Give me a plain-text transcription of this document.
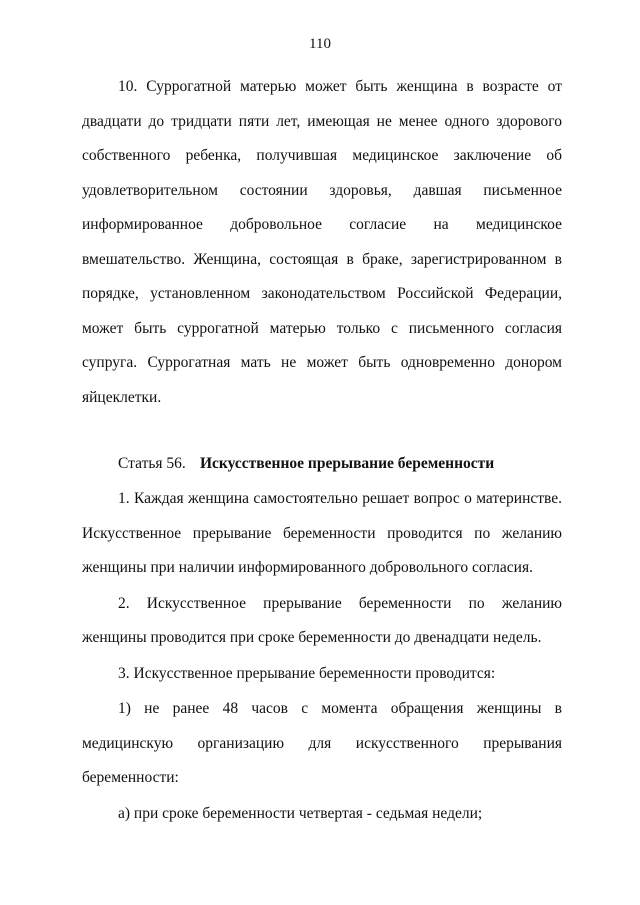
110

10. Суррогатной матерью может быть женщина в возрасте от двадцати до тридцати пяти лет, имеющая не менее одного здорового собственного ребенка, получившая медицинское заключение об удовлетворительном состоянии здоровья, давшая письменное информированное добровольное согласие на медицинское вмешательство. Женщина, состоящая в браке, зарегистрированном в порядке, установленном законодательством Российской Федерации, может быть суррогатной матерью только с письменного согласия супруга. Суррогатная мать не может быть одновременно донором яйцеклетки.

Статья 56. Искусственное прерывание беременности

1. Каждая женщина самостоятельно решает вопрос о материнстве. Искусственное прерывание беременности проводится по желанию женщины при наличии информированного добровольного согласия.

2. Искусственное прерывание беременности по желанию женщины проводится при сроке беременности до двенадцати недель.

3. Искусственное прерывание беременности проводится:

1) не ранее 48 часов с момента обращения женщины в медицинскую организацию для искусственного прерывания беременности:

а) при сроке беременности четвертая - седьмая недели;
